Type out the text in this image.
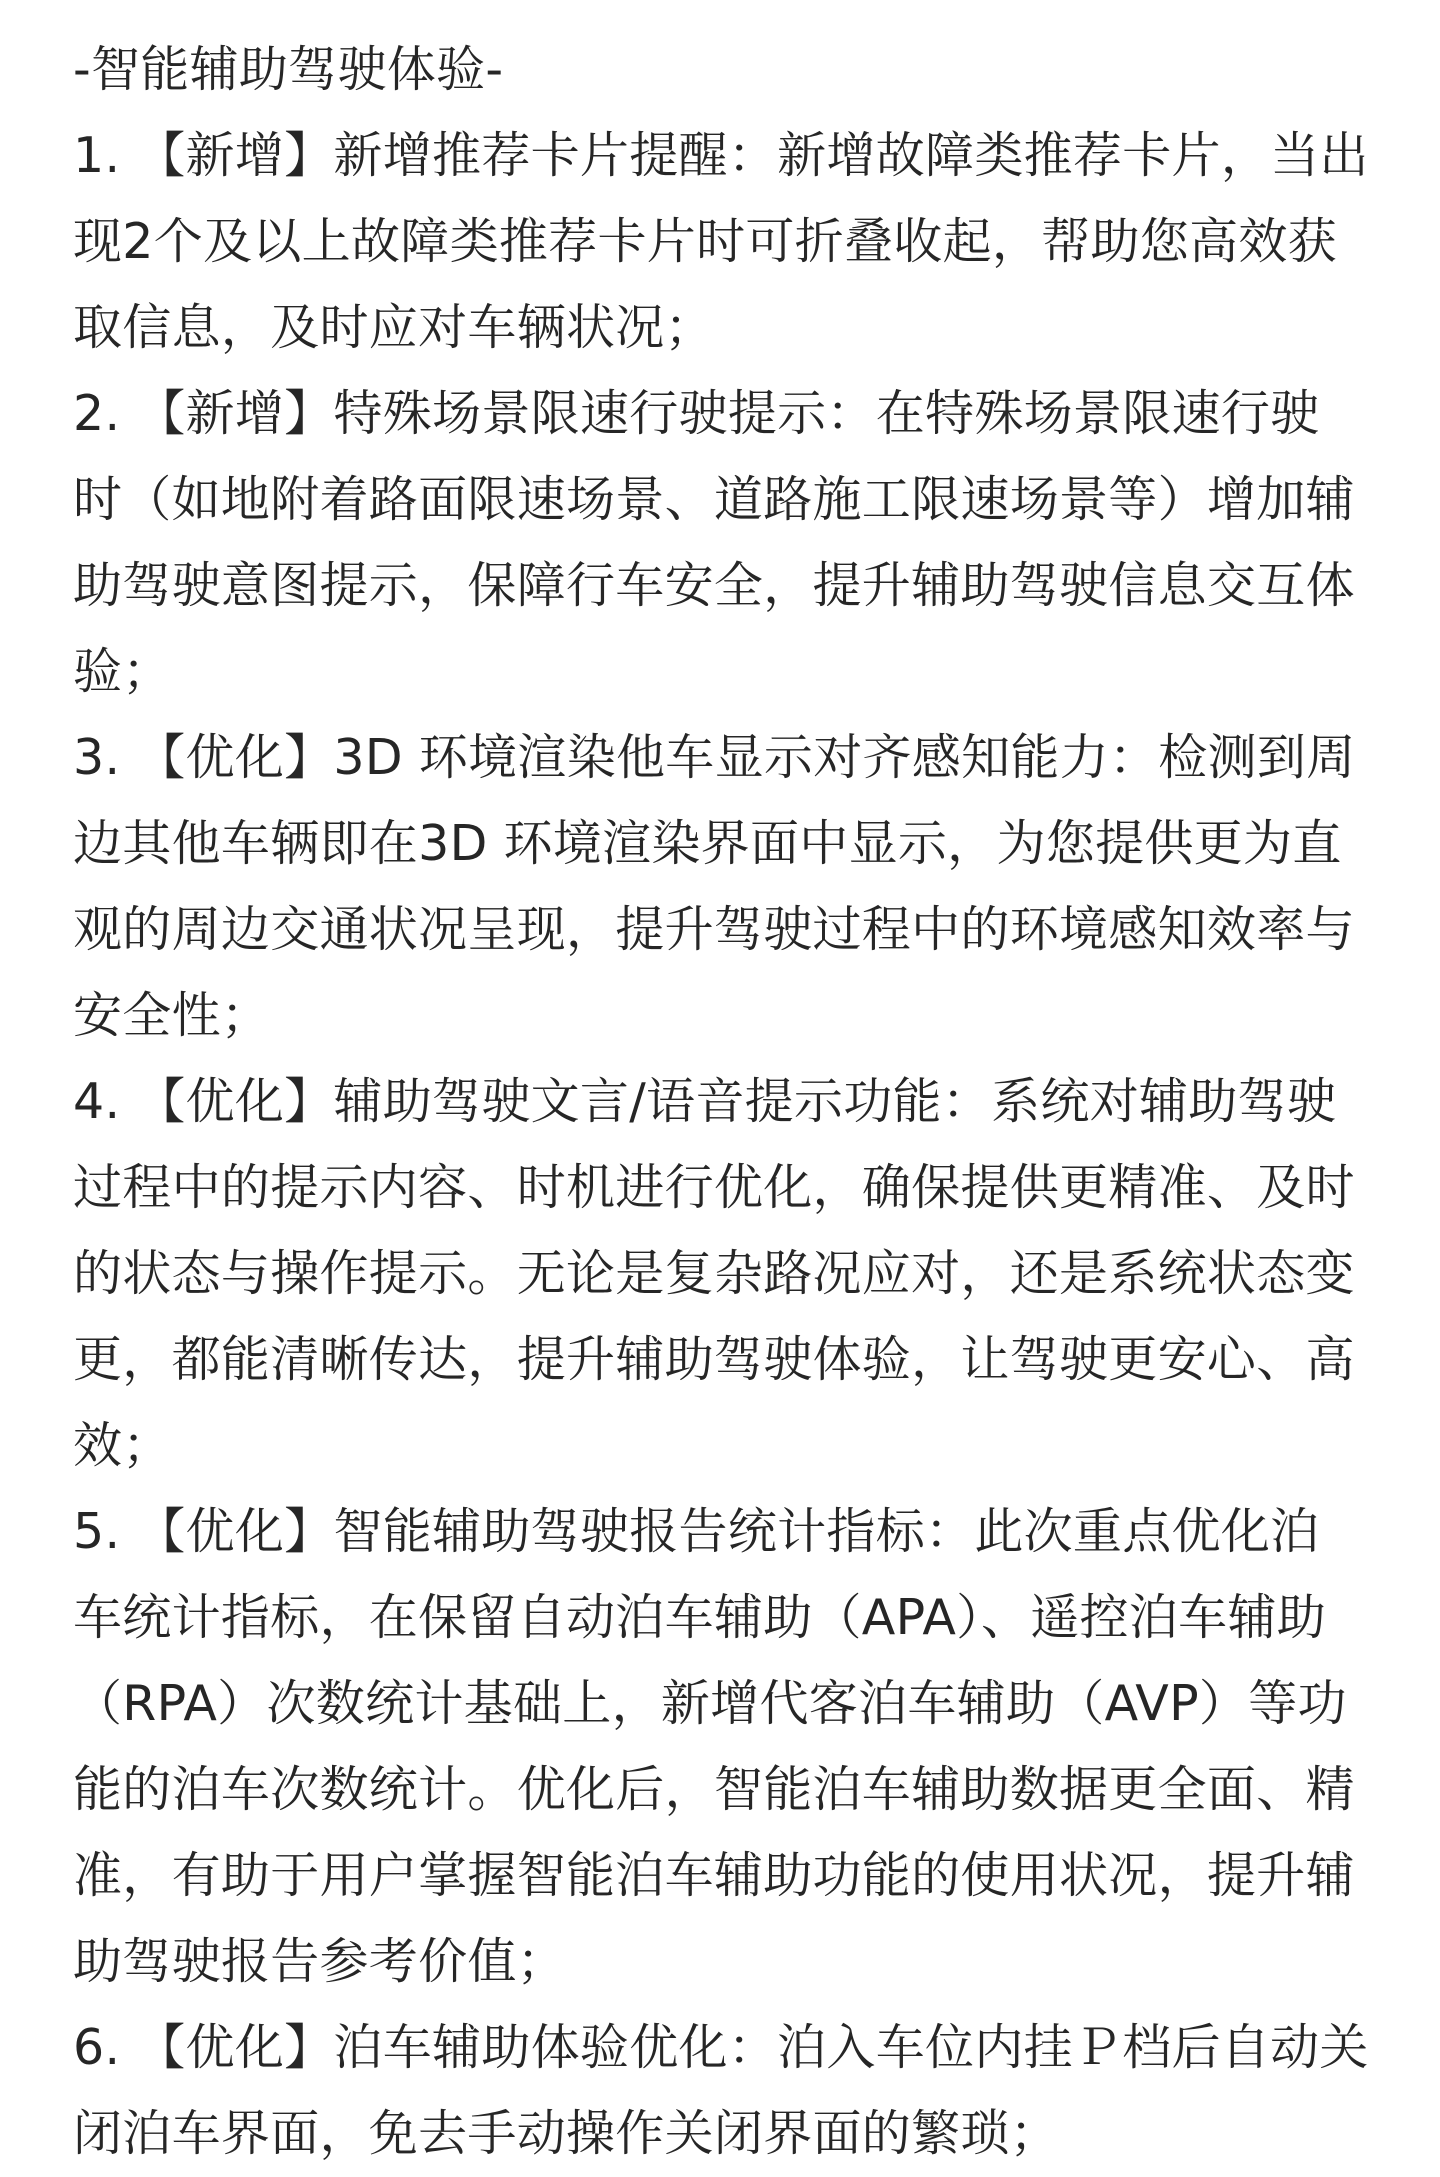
-智能辅助驾驶体验-
1. 【新增】新增推荐卡片提醒：新增故障类推荐卡片，当出
现2个及以上故障类推荐卡片时可折叠收起，帮助您高效获
取信息，及时应对车辆状况；
2. 【新增】特殊场景限速行驶提示：在特殊场景限速行驶
时（如地附着路面限速场景、道路施工限速场景等）增加辅
助驾驶意图提示，保障行车安全，提升辅助驾驶信息交互体
验；
3. 【优化】3D 环境渲染他车显示对齐感知能力：检测到周
边其他车辆即在3D 环境渲染界面中显示，为您提供更为直
观的周边交通状况呈现，提升驾驶过程中的环境感知效率与
安全性；
4. 【优化】辅助驾驶文言/语音提示功能：系统对辅助驾驶
过程中的提示内容、时机进行优化，确保提供更精准、及时
的状态与操作提示。无论是复杂路况应对，还是系统状态变
更，都能清晰传达，提升辅助驾驶体验，让驾驶更安心、高
效；
5. 【优化】智能辅助驾驶报告统计指标：此次重点优化泊
车统计指标，在保留自动泊车辅助（APA）、遥控泊车辅助
（RPA）次数统计基础上，新增代客泊车辅助（AVP）等功
能的泊车次数统计。优化后，智能泊车辅助数据更全面、精
准，有助于用户掌握智能泊车辅助功能的使用状况，提升辅
助驾驶报告参考价值；
6. 【优化】泊车辅助体验优化：泊入车位内挂Ｐ档后自动关
闭泊车界面，免去手动操作关闭界面的繁琐；
